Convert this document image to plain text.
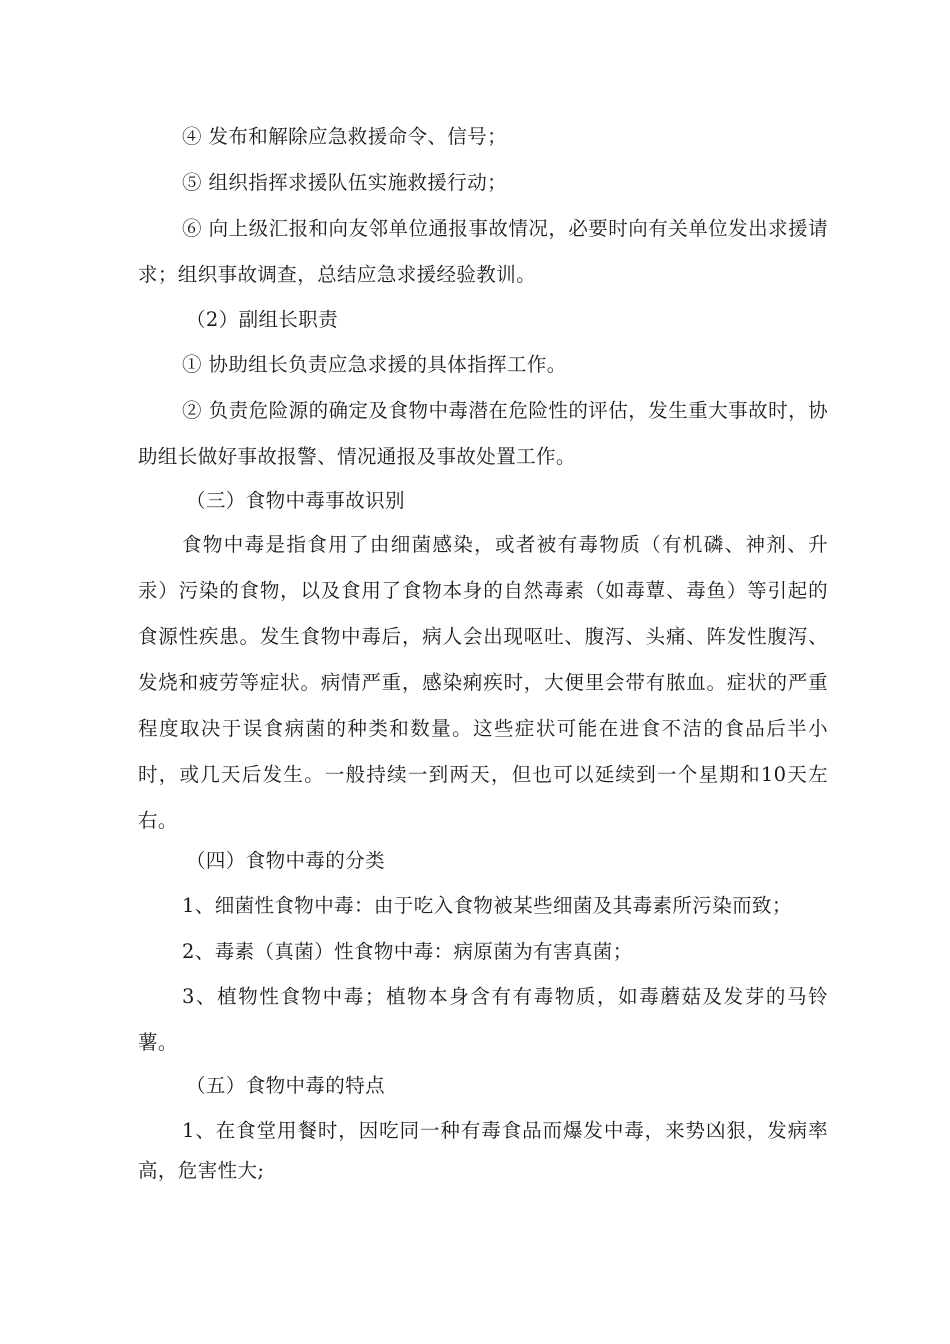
④ 发布和解除应急救援命令、信号；

⑤ 组织指挥求援队伍实施救援行动；

⑥ 向上级汇报和向友邻单位通报事故情况，必要时向有关单位发出求援请求；组织事故调查，总结应急求援经验教训。

（2）副组长职责

① 协助组长负责应急求援的具体指挥工作。

② 负责危险源的确定及食物中毒潜在危险性的评估，发生重大事故时，协助组长做好事故报警、情况通报及事故处置工作。

（三）食物中毒事故识别

食物中毒是指食用了由细菌感染，或者被有毒物质（有机磷、神剂、升汞）污染的食物，以及食用了食物本身的自然毒素（如毒蕈、毒鱼）等引起的食源性疾患。发生食物中毒后，病人会出现呕吐、腹泻、头痛、阵发性腹泻、发烧和疲劳等症状。病情严重，感染痢疾时，大便里会带有脓血。症状的严重程度取决于误食病菌的种类和数量。这些症状可能在进食不洁的食品后半小时，或几天后发生。一般持续一到两天，但也可以延续到一个星期和10天左右。

（四）食物中毒的分类

1、细菌性食物中毒：由于吃入食物被某些细菌及其毒素所污染而致；

2、毒素（真菌）性食物中毒：病原菌为有害真菌；

3、植物性食物中毒；植物本身含有有毒物质，如毒蘑菇及发芽的马铃薯。

（五）食物中毒的特点

1、在食堂用餐时，因吃同一种有毒食品而爆发中毒，来势凶狠，发病率高，危害性大;
